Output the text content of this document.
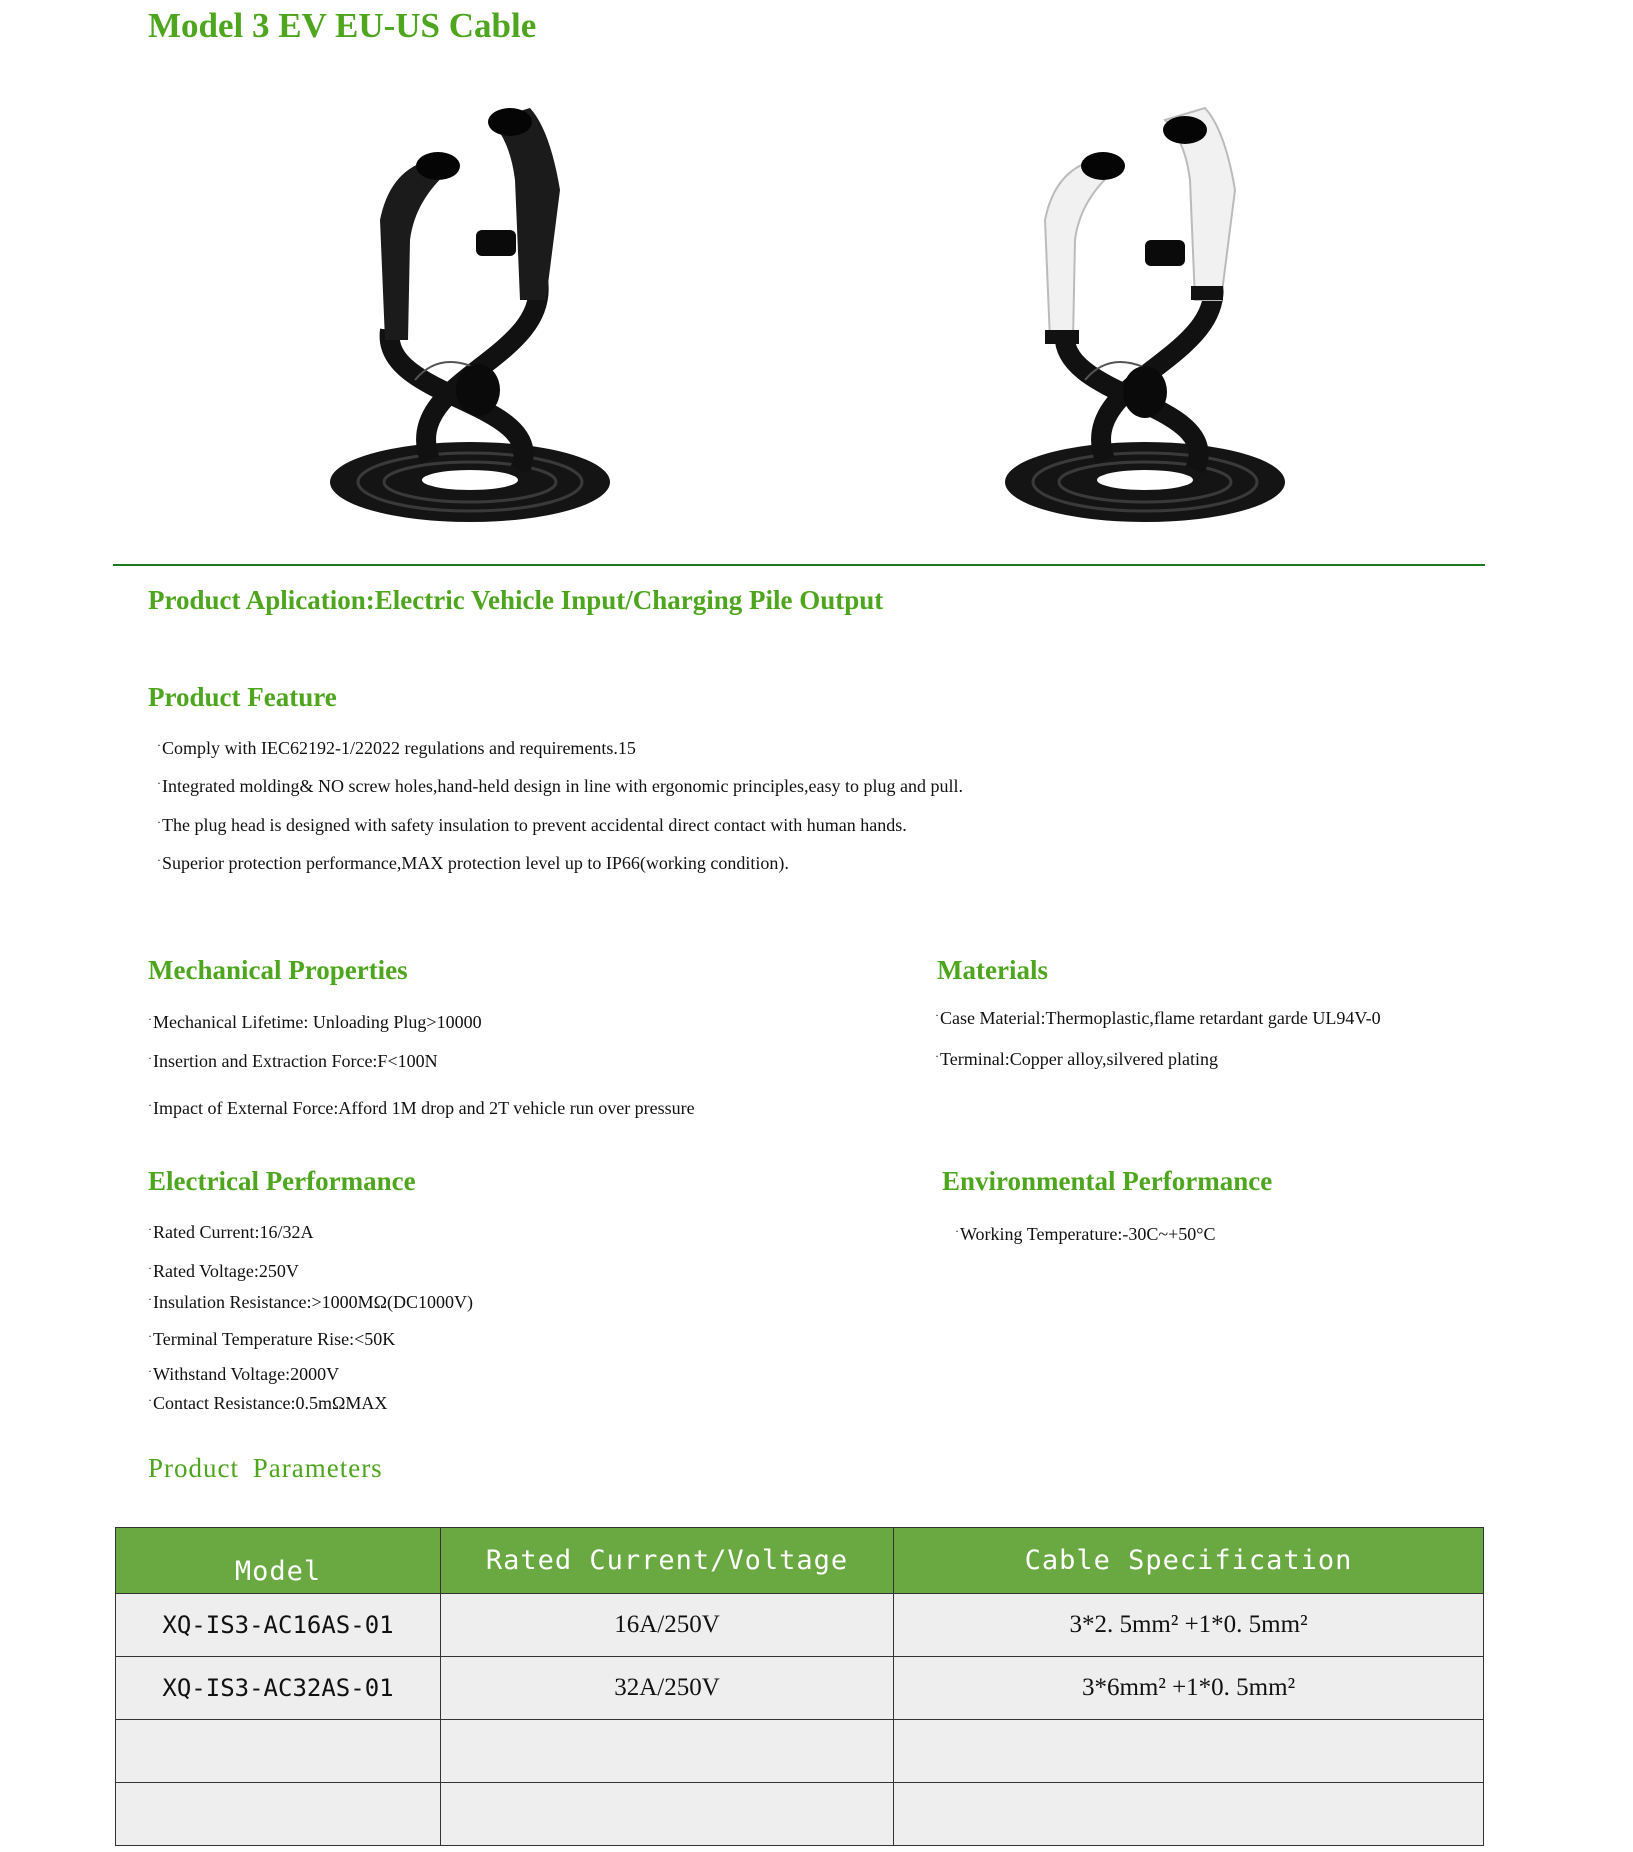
Model 3 EV EU-US Cable
Product Aplication:Electric Vehicle Input/Charging Pile Output
Product Feature
·Comply with IEC62192-1/22022 regulations and requirements.15
·Integrated molding& NO screw holes,hand-held design in line with ergonomic principles,easy to plug and pull.
·The plug head is designed with safety insulation to prevent accidental direct contact with human hands.
·Superior protection performance,MAX protection level up to IP66(working condition).
Mechanical Properties
·Mechanical Lifetime: Unloading Plug>10000
·Insertion and Extraction Force:F<100N
·Impact of External Force:Afford 1M drop and 2T vehicle run over pressure
Materials
·Case Material:Thermoplastic,flame retardant garde UL94V-0
·Terminal:Copper alloy,silvered plating
Electrical Performance
·Rated Current:16/32A
·Rated Voltage:250V
·Insulation Resistance:>1000MΩ(DC1000V)
·Terminal Temperature Rise:<50K
·Withstand Voltage:2000V
·Contact Resistance:0.5mΩMAX
Environmental Performance
·Working Temperature:-30C~+50°C
Product Parameters
Model	Rated Current/Voltage	Cable Specification
XQ-IS3-AC16AS-01	16A/250V	3*2. 5mm² +1*0. 5mm²
XQ-IS3-AC32AS-01	32A/250V	3*6mm² +1*0. 5mm²
